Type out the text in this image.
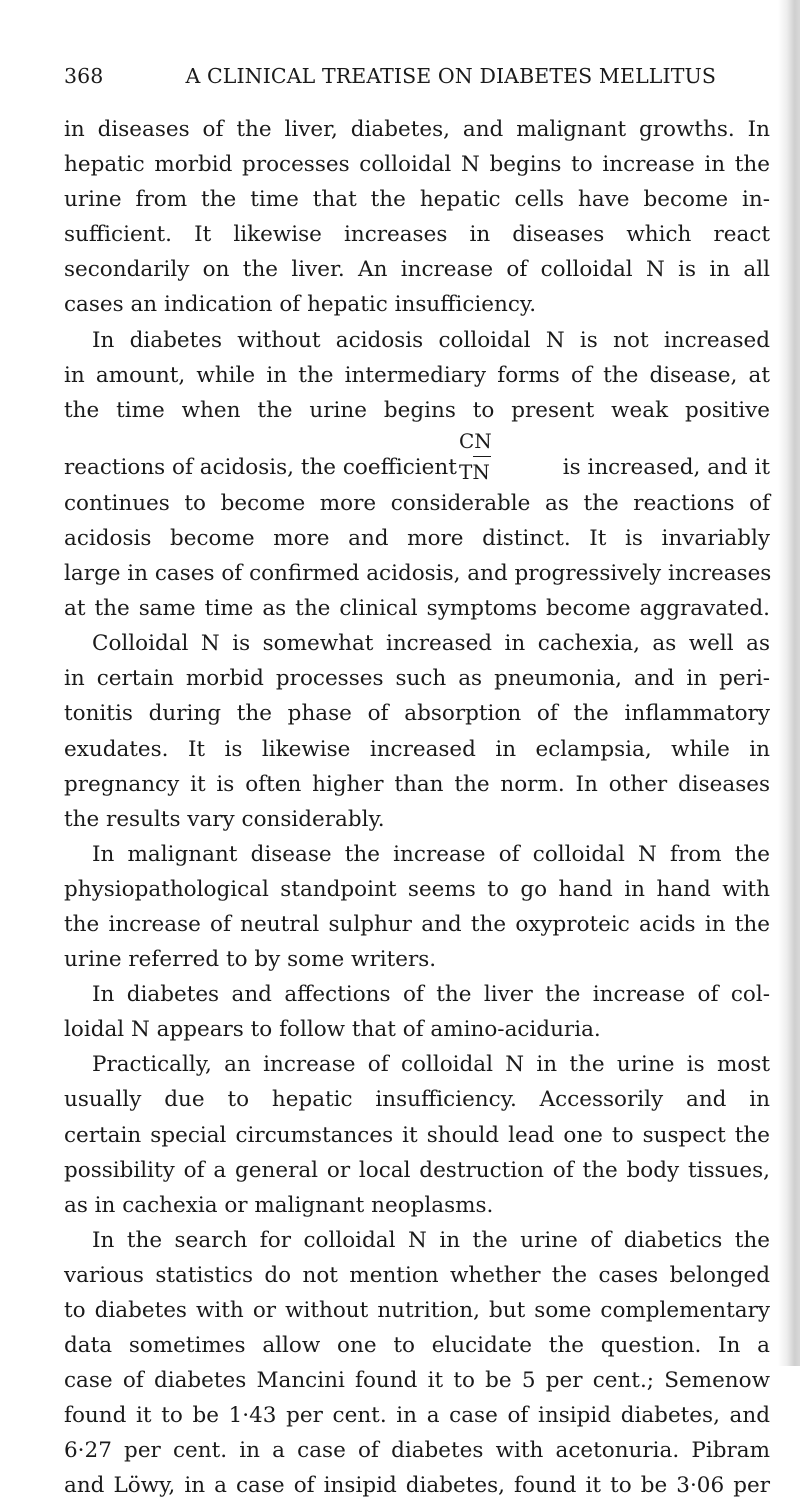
368	A CLINICAL TREATISE ON DIABETES MELLITUS
in diseases of the liver, diabetes, and malignant growths. In
hepatic morbid processes colloidal N begins to increase in the
urine from the time that the hepatic cells have become in-
sufficient. It likewise increases in diseases which react
secondarily on the liver. An increase of colloidal N is in all
cases an indication of hepatic insufficiency.
In diabetes without acidosis colloidal N is not increased
in amount, while in the intermediary forms of the disease, at
the time when the urine begins to present weak positive
reactions of acidosis, the coefficient
CN
TN	is increased, and it
continues to become more considerable as the reactions of
acidosis become more and more distinct. It is invariably
large in cases of confirmed acidosis, and progressively increases
at the same time as the clinical symptoms become aggravated.
Colloidal N is somewhat increased in cachexia, as well as
in certain morbid processes such as pneumonia, and in peri-
tonitis during the phase of absorption of the inflammatory
exudates. It is likewise increased in eclampsia, while in
pregnancy it is often higher than the norm. In other diseases
the results vary considerably.
In malignant disease the increase of colloidal N from the
physiopathological standpoint seems to go hand in hand with
the increase of neutral sulphur and the oxyproteic acids in the
urine referred to by some writers.
In diabetes and affections of the liver the increase of col-
loidal N appears to follow that of amino-aciduria.
Practically, an increase of colloidal N in the urine is most
usually due to hepatic insufficiency. Accessorily and in
certain special circumstances it should lead one to suspect the
possibility of a general or local destruction of the body tissues,
as in cachexia or malignant neoplasms.
In the search for colloidal N in the urine of diabetics the
various statistics do not mention whether the cases belonged
to diabetes with or without nutrition, but some complementary
data sometimes allow one to elucidate the question. In a
case of diabetes Mancini found it to be 5 per cent.; Semenow
found it to be 1·43 per cent. in a case of insipid diabetes, and
6·27 per cent. in a case of diabetes with acetonuria. Pibram
and Löwy, in a case of insipid diabetes, found it to be 3·06 per
